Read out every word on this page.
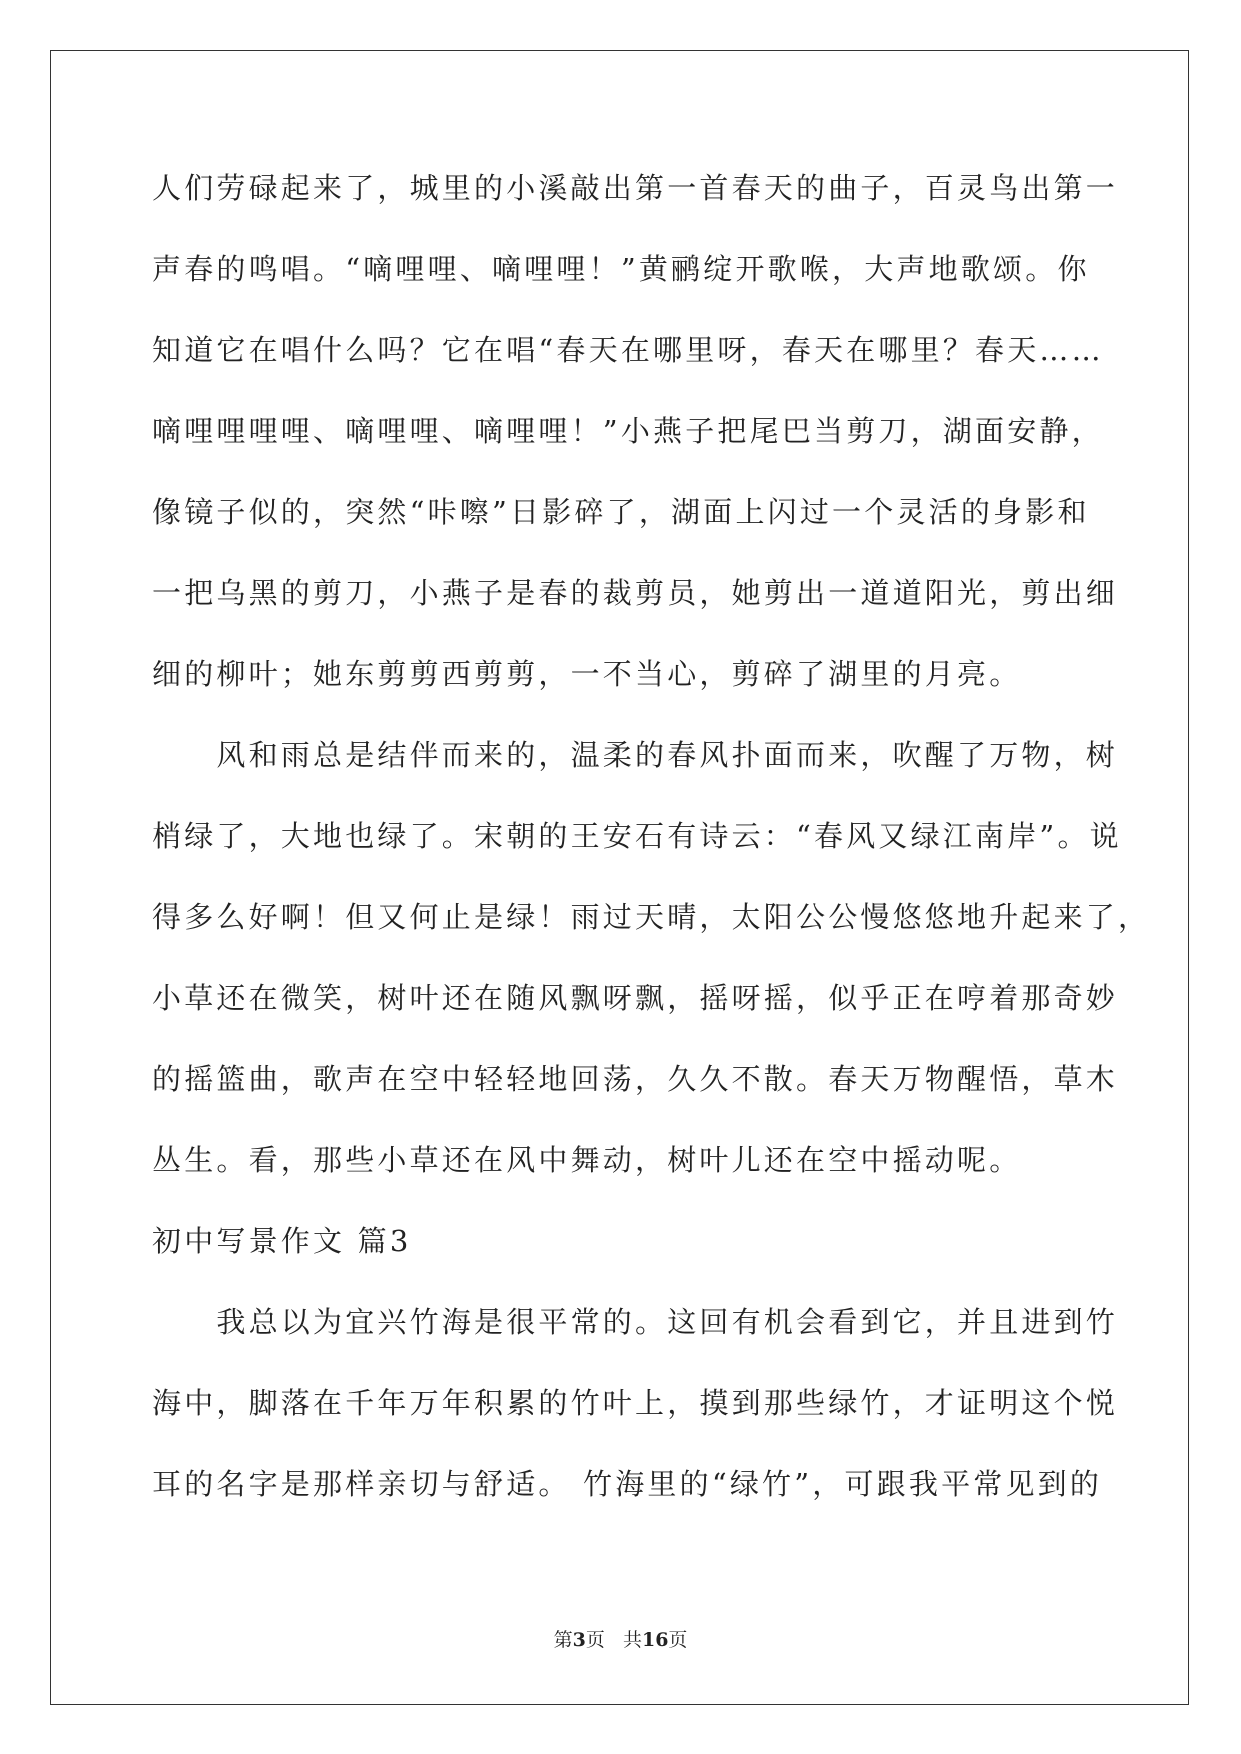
人们劳碌起来了，城里的小溪敲出第一首春天的曲子，百灵鸟出第一
声春的鸣唱。“嘀哩哩、嘀哩哩！”黄鹂绽开歌喉，大声地歌颂。你
知道它在唱什么吗？它在唱“春天在哪里呀，春天在哪里？春天……
嘀哩哩哩哩、嘀哩哩、嘀哩哩！”小燕子把尾巴当剪刀，湖面安静，
像镜子似的，突然“咔嚓”日影碎了，湖面上闪过一个灵活的身影和
一把乌黑的剪刀，小燕子是春的裁剪员，她剪出一道道阳光，剪出细
细的柳叶；她东剪剪西剪剪，一不当心，剪碎了湖里的月亮。
　　风和雨总是结伴而来的，温柔的春风扑面而来，吹醒了万物，树
梢绿了，大地也绿了。宋朝的王安石有诗云：“春风又绿江南岸”。说
得多么好啊！但又何止是绿！雨过天晴，太阳公公慢悠悠地升起来了，
小草还在微笑，树叶还在随风飘呀飘，摇呀摇，似乎正在哼着那奇妙
的摇篮曲，歌声在空中轻轻地回荡，久久不散。春天万物醒悟，草木
丛生。看，那些小草还在风中舞动，树叶儿还在空中摇动呢。
初中写景作文 篇3
　　我总以为宜兴竹海是很平常的。这回有机会看到它，并且进到竹
海中，脚落在千年万年积累的竹叶上，摸到那些绿竹，才证明这个悦
耳的名字是那样亲切与舒适。 竹海里的“绿竹”，可跟我平常见到的
第3页 共16页
